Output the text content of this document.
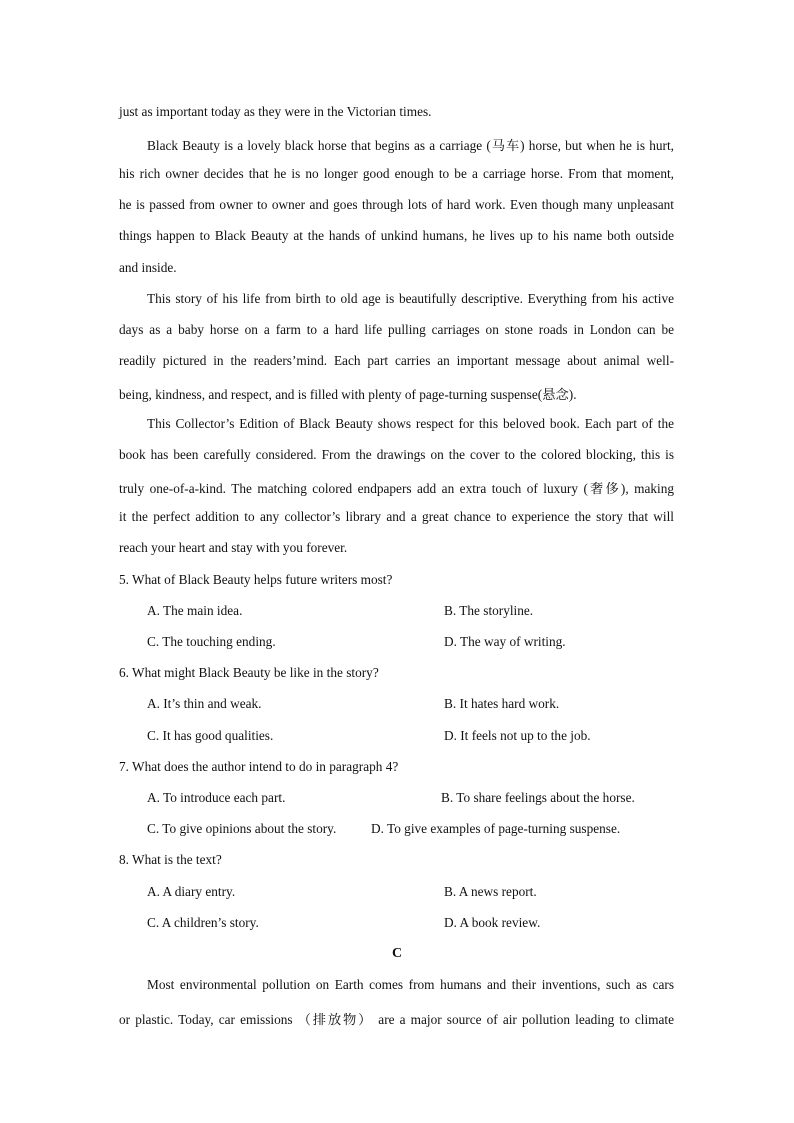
just as important today as they were in the Victorian times.
Black Beauty is a lovely black horse that begins as a carriage (马车) horse, but when he is hurt,
his rich owner decides that he is no longer good enough to be a carriage horse. From that moment,
he is passed from owner to owner and goes through lots of hard work. Even though many unpleasant
things happen to Black Beauty at the hands of unkind humans, he lives up to his name both outside
and inside.
This story of his life from birth to old age is beautifully descriptive. Everything from his active
days as a baby horse on a farm to a hard life pulling carriages on stone roads in London can be
readily pictured in the readers’mind. Each part carries an important message about animal well-
being, kindness, and respect, and is filled with plenty of page-turning suspense(悬念).
This Collector’s Edition of Black Beauty shows respect for this beloved book. Each part of the
book has been carefully considered. From the drawings on the cover to the colored blocking, this is
truly one-of-a-kind. The matching colored endpapers add an extra touch of luxury (奢侈), making
it the perfect addition to any collector’s library and a great chance to experience the story that will
reach your heart and stay with you forever.
5. What of Black Beauty helps future writers most?
A. The main idea.	B. The storyline.
C. The touching ending.	D. The way of writing.
6. What might Black Beauty be like in the story?
A. It’s thin and weak.	B. It hates hard work.
C. It has good qualities.	D. It feels not up to the job.
7. What does the author intend to do in paragraph 4?
A. To introduce each part.	B. To share feelings about the horse.
C. To give opinions about the story.	D. To give examples of page-turning suspense.
8. What is the text?
A. A diary entry.	B. A news report.
C. A children’s story.	D. A book review.
C
Most environmental pollution on Earth comes from humans and their inventions, such as cars
or plastic. Today, car emissions （排放物） are a major source of air pollution leading to climate
